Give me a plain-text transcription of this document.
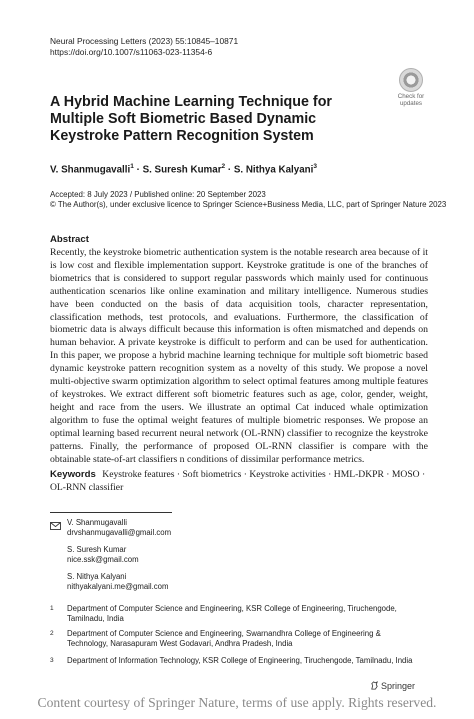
Neural Processing Letters (2023) 55:10845–10871
https://doi.org/10.1007/s11063-023-11354-6
Check for
updates
A Hybrid Machine Learning Technique for Multiple Soft Biometric Based Dynamic Keystroke Pattern Recognition System
V. Shanmugavalli$^1$ · S. Suresh Kumar$^2$ · S. Nithya Kalyani$^3$
Accepted: 8 July 2023 / Published online: 20 September 2023
© The Author(s), under exclusive licence to Springer Science+Business Media, LLC, part of Springer Nature 2023
Abstract
Recently, the keystroke biometric authentication system is the notable research area because of it is low cost and flexible implementation support. Keystroke gratitude is one of the branches of biometrics that is considered to support regular passwords which mainly used for continuous authentication scenarios like online examination and military intelligence. Numerous studies have been conducted on the basis of data acquisition tools, character representation, classification methods, test protocols, and evaluations. Furthermore, the classification of biometric data is always difficult because this information is often mismatched and depends on human behavior. A private keystroke is difficult to perform and can be used for authentication. In this paper, we propose a hybrid machine learning technique for multiple soft biometric based dynamic keystroke pattern recognition system as a novelty of this study. We propose a novel multi-objective swarm optimization algorithm to select optimal features among multiple features of keystrokes. We extract different soft biometric features such as age, color, gender, weight, height and race from the users. We illustrate an optimal Cat induced whale optimization algorithm to fuse the optimal weight features of multiple biometric responses. We propose an optimal learning based recurrent neural network (OL-RNN) classifier to recognize the keystroke patterns. Finally, the performance of proposed OL-RNN classifier is compare with the obtainable state-of-art classifiers n conditions of dissimilar performance metrics.
Keywords Keystroke features · Soft biometrics · Keystroke activities · HML-DKPR · MOSO · OL-RNN classifier
V. Shanmugavalli
drvshanmugavalli@gmail.com
S. Suresh Kumar
nice.ssk@gmail.com
S. Nithya Kalyani
nithyakalyani.me@gmail.com
1 Department of Computer Science and Engineering, KSR College of Engineering, Tiruchengode, Tamilnadu, India
2 Department of Computer Science and Engineering, Swarnandhra College of Engineering & Technology, Narasapuram West Godavari, Andhra Pradesh, India
3 Department of Information Technology, KSR College of Engineering, Tiruchengode, Tamilnadu, India
Springer
Content courtesy of Springer Nature, terms of use apply. Rights reserved.
